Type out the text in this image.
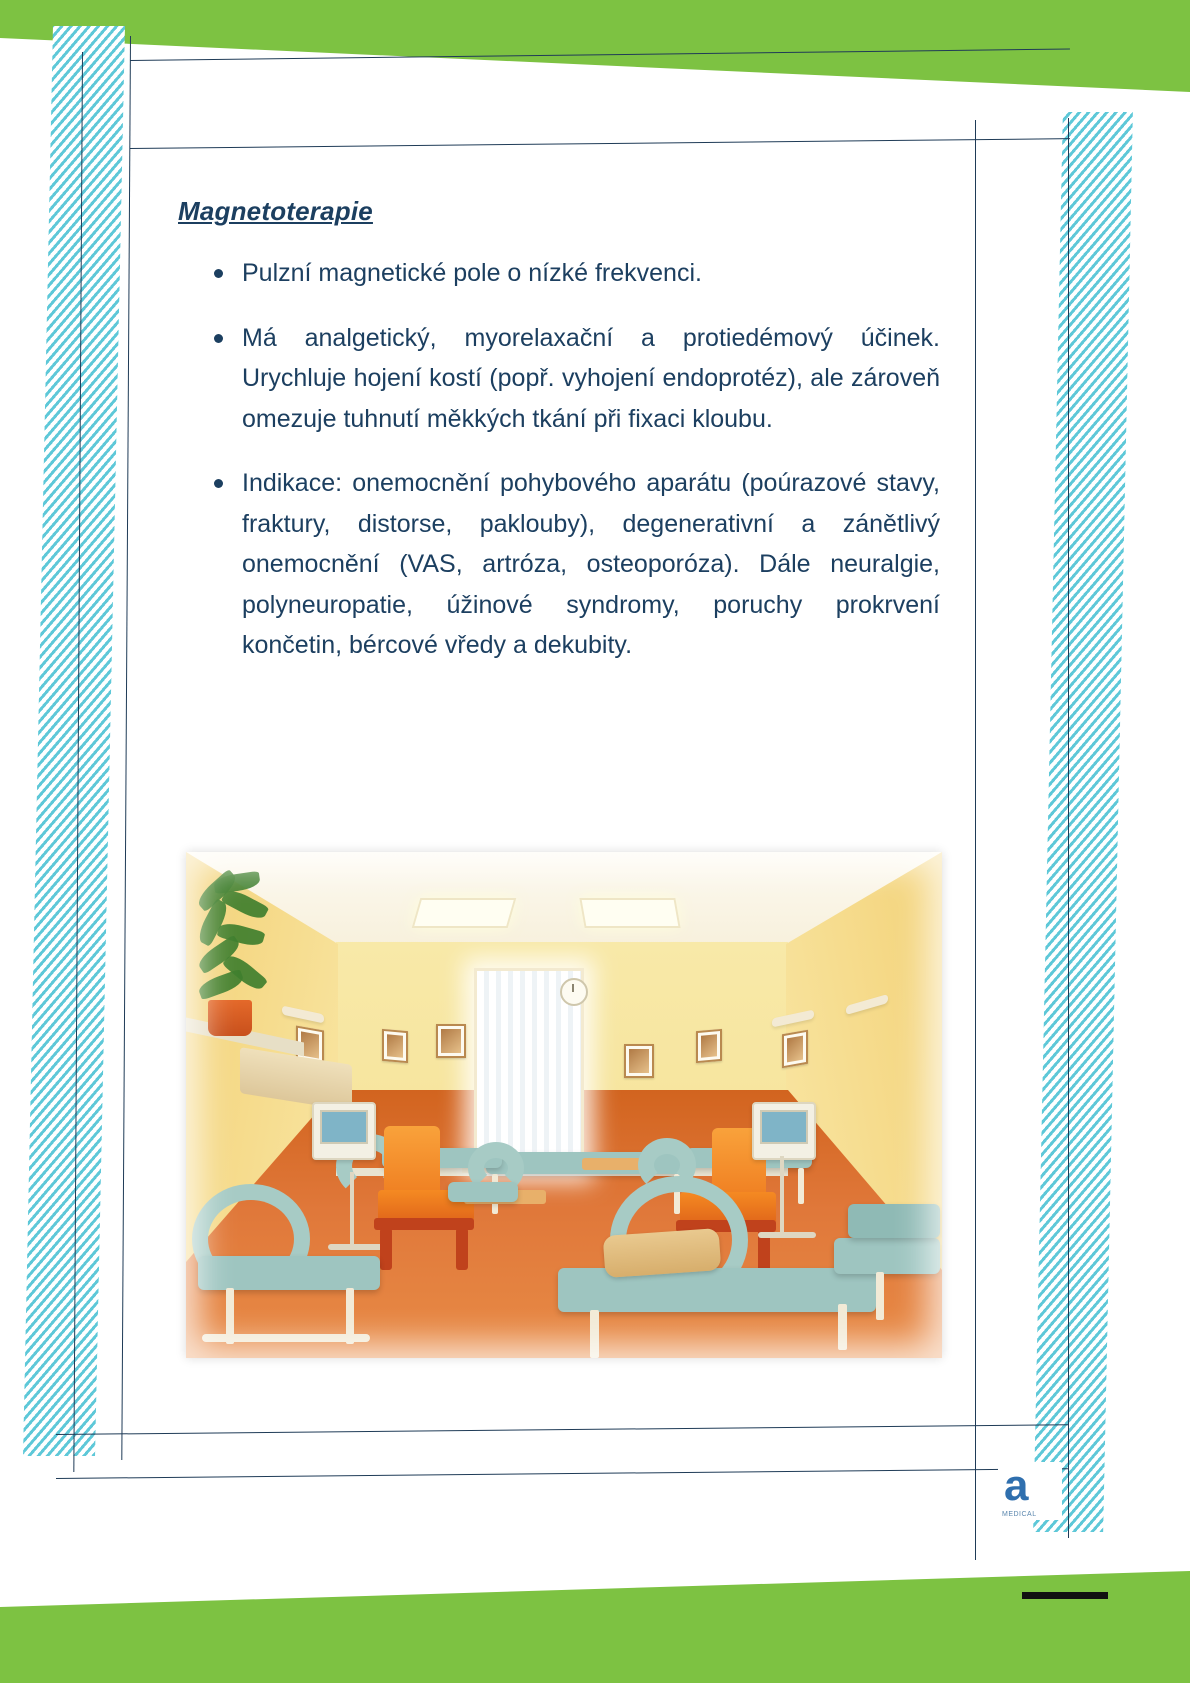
Magnetoterapie
Pulzní magnetické pole o nízké frekvenci.
Má analgetický, myorelaxační a protiedémový účinek. Urychluje hojení kostí (popř. vyhojení endoprotéz), ale zároveň omezuje tuhnutí měkkých tkání při fixaci kloubu.
Indikace: onemocnění pohybového aparátu (poúrazové stavy, fraktury, distorse, paklouby), degenerativní a zánětlivý onemocnění (VAS, artróza, osteoporóza). Dále neuralgie, polyneuropatie, úžinové syndromy, poruchy prokrvení končetin, bércové vředy a dekubity.
a
MEDICAL
